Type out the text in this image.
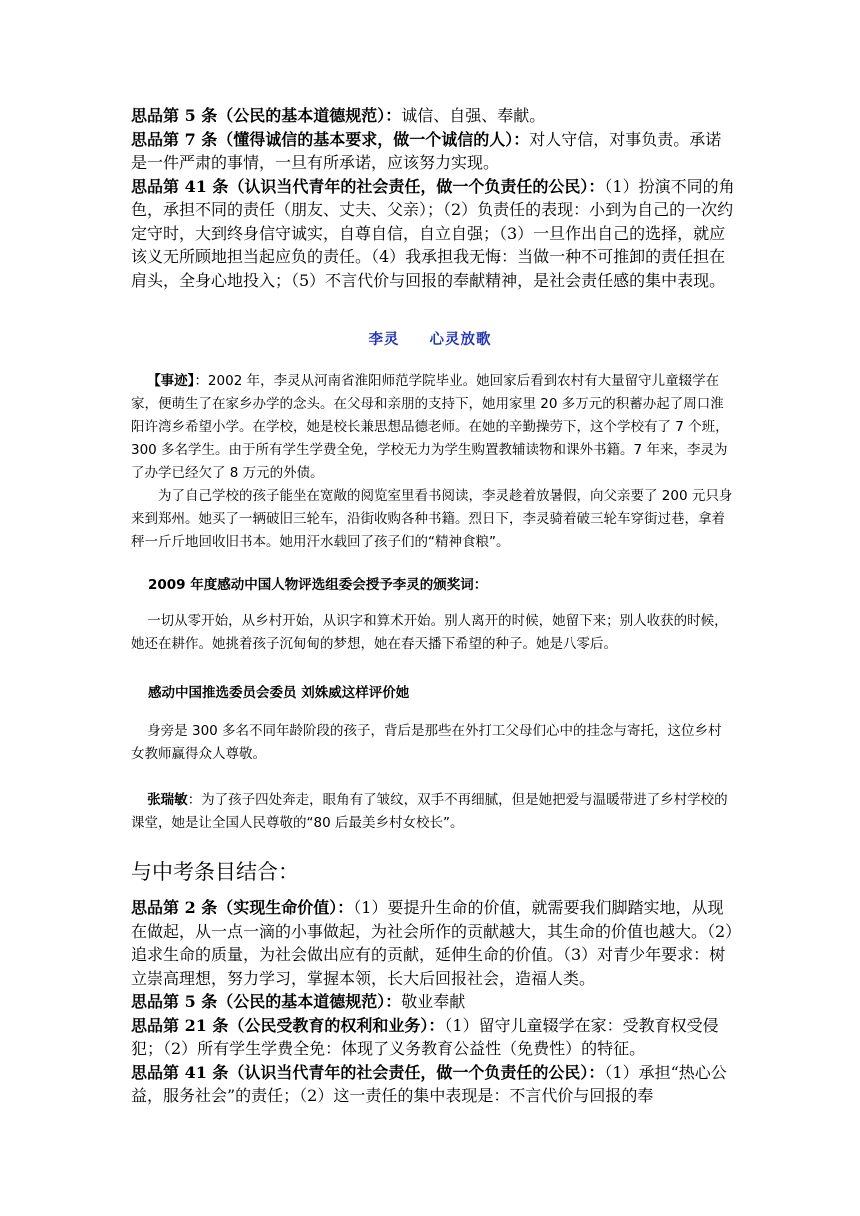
思品第 5 条（公民的基本道德规范）：诚信、自强、奉献。
思品第 7 条（懂得诚信的基本要求，做一个诚信的人）：对人守信，对事负责。承诺是一件严肃的事情，一旦有所承诺，应该努力实现。
思品第 41 条（认识当代青年的社会责任，做一个负责任的公民）：（1）扮演不同的角色，承担不同的责任（朋友、丈夫、父亲）；（2）负责任的表现：小到为自己的一次约定守时，大到终身信守诚实，自尊自信，自立自强；（3）一旦作出自己的选择，就应该义无所顾地担当起应负的责任。（4）我承担我无悔：当做一种不可推卸的责任担在肩头，全身心地投入；（5）不言代价与回报的奉献精神，是社会责任感的集中表现。
李灵 心灵放歌
【事迹】：2002 年，李灵从河南省淮阳师范学院毕业。她回家后看到农村有大量留守儿童辍学在家，便萌生了在家乡办学的念头。在父母和亲朋的支持下，她用家里 20 多万元的积蓄办起了周口淮阳许湾乡希望小学。在学校，她是校长兼思想品德老师。在她的辛勤操劳下，这个学校有了 7 个班，300 多名学生。由于所有学生学费全免，学校无力为学生购置教辅读物和课外书籍。7 年来，李灵为了办学已经欠了 8 万元的外债。
为了自己学校的孩子能坐在宽敞的阅览室里看书阅读，李灵趁着放暑假，向父亲要了 200 元只身来到郑州。她买了一辆破旧三轮车，沿街收购各种书籍。烈日下，李灵骑着破三轮车穿街过巷，拿着秤一斤斤地回收旧书本。她用汗水载回了孩子们的“精神食粮”。
2009 年度感动中国人物评选组委会授予李灵的颁奖词：
一切从零开始，从乡村开始，从识字和算术开始。别人离开的时候，她留下来；别人收获的时候，她还在耕作。她挑着孩子沉甸甸的梦想，她在春天播下希望的种子。她是八零后。
感动中国推选委员会委员 刘姝威这样评价她
身旁是 300 多名不同年龄阶段的孩子，背后是那些在外打工父母们心中的挂念与寄托，这位乡村女教师赢得众人尊敬。
张瑞敏：为了孩子四处奔走，眼角有了皱纹，双手不再细腻，但是她把爱与温暖带进了乡村学校的课堂，她是让全国人民尊敬的“80 后最美乡村女校长”。
与中考条目结合：
思品第 2 条（实现生命价值）：（1）要提升生命的价值，就需要我们脚踏实地，从现在做起，从一点一滴的小事做起，为社会所作的贡献越大，其生命的价值也越大。（2）追求生命的质量，为社会做出应有的贡献，延伸生命的价值。（3）对青少年要求：树立崇高理想，努力学习，掌握本领，长大后回报社会，造福人类。
思品第 5 条（公民的基本道德规范）：敬业奉献
思品第 21 条（公民受教育的权利和业务）：（1）留守儿童辍学在家：受教育权受侵犯；（2）所有学生学费全免：体现了义务教育公益性（免费性）的特征。
思品第 41 条（认识当代青年的社会责任，做一个负责任的公民）：（1）承担“热心公益，服务社会”的责任；（2）这一责任的集中表现是：不言代价与回报的奉
